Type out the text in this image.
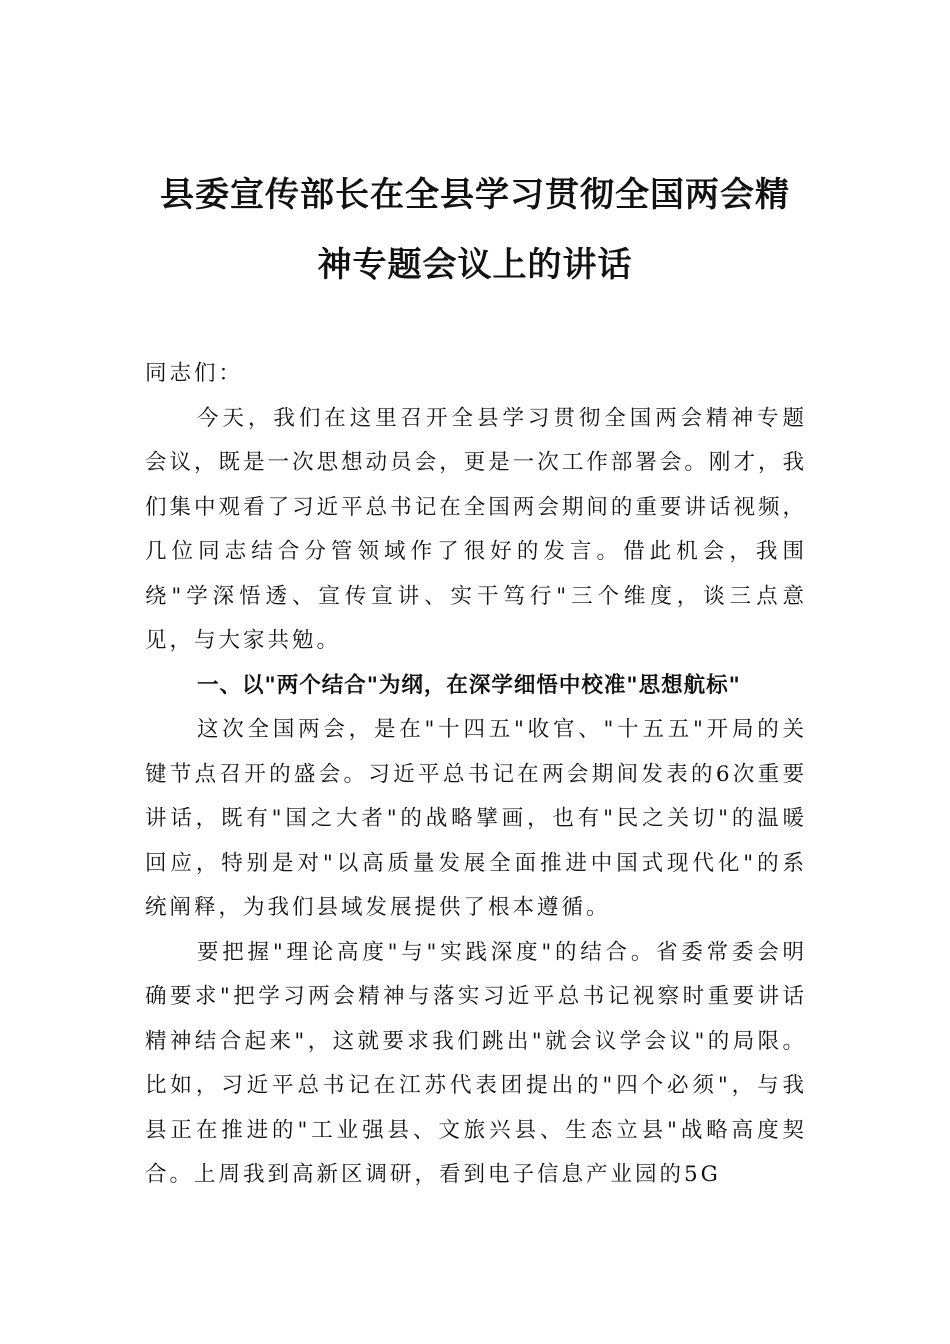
县委宣传部长在全县学习贯彻全国两会精
神专题会议上的讲话

同志们：

今天，我们在这里召开全县学习贯彻全国两会精神专题会议，既是一次思想动员会，更是一次工作部署会。刚才，我们集中观看了习近平总书记在全国两会期间的重要讲话视频，几位同志结合分管领域作了很好的发言。借此机会，我围绕"学深悟透、宣传宣讲、实干笃行"三个维度，谈三点意见，与大家共勉。

一、以"两个结合"为纲，在深学细悟中校准"思想航标"

这次全国两会，是在"十四五"收官、"十五五"开局的关键节点召开的盛会。习近平总书记在两会期间发表的6次重要讲话，既有"国之大者"的战略擘画，也有"民之关切"的温暖回应，特别是对"以高质量发展全面推进中国式现代化"的系统阐释，为我们县域发展提供了根本遵循。

要把握"理论高度"与"实践深度"的结合。省委常委会明确要求"把学习两会精神与落实习近平总书记视察时重要讲话精神结合起来"，这就要求我们跳出"就会议学会议"的局限。比如，习近平总书记在江苏代表团提出的"四个必须"，与我县正在推进的"工业强县、文旅兴县、生态立县"战略高度契合。上周我到高新区调研，看到电子信息产业园的5G
